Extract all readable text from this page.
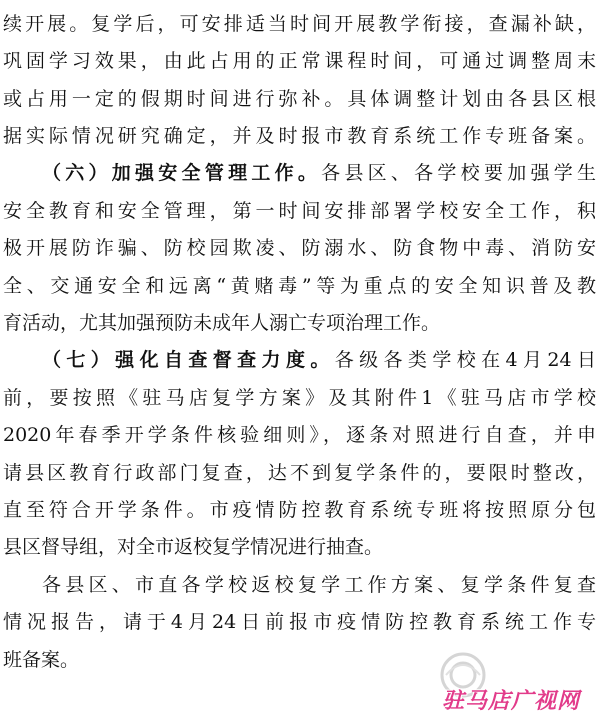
续开展。复学后，可安排适当时间开展教学衔接，查漏补缺，
巩固学习效果，由此占用的正常课程时间，可通过调整周末
或占用一定的假期时间进行弥补。具体调整计划由各县区根
据实际情况研究确定，并及时报市教育系统工作专班备案。
（六）加强安全管理工作。各县区、各学校要加强学生
安全教育和安全管理，第一时间安排部署学校安全工作，积
极开展防诈骗、防校园欺凌、防溺水、防食物中毒、消防安
全、交通安全和远离“黄赌毒”等为重点的安全知识普及教
育活动，尤其加强预防未成年人溺亡专项治理工作。
（七）强化自查督查力度。各级各类学校在4月24日
前，要按照《驻马店复学方案》及其附件1《驻马店市学校
2020年春季开学条件核验细则》，逐条对照进行自查，并申
请县区教育行政部门复查，达不到复学条件的，要限时整改，
直至符合开学条件。市疫情防控教育系统专班将按照原分包
县区督导组，对全市返校复学情况进行抽查。
各县区、市直各学校返校复学工作方案、复学条件复查
情况报告，请于4月24日前报市疫情防控教育系统工作专
班备案。
驻马店广视网
